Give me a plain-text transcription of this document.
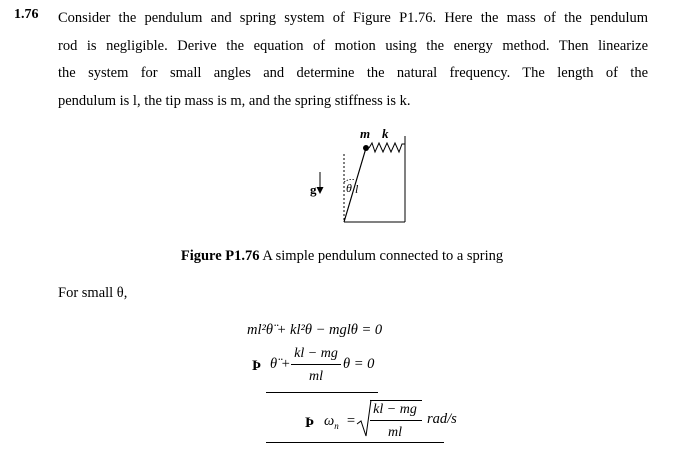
1.76 Consider the pendulum and spring system of Figure P1.76. Here the mass of the pendulum
rod is negligible. Derive the equation of motion using the energy method. Then linearize
the system for small angles and determine the natural frequency. The length of the
pendulum is l, the tip mass is m, and the spring stiffness is k.
m k
g θ l
Figure P1.76 A simple pendulum connected to a spring
For small θ,
ml²θ̈ + kl²θ − mglθ = 0
Þ θ̈ +
kl − mg
ml
θ = 0
Þ $\omega_n$ =
kl − mg
ml
rad/s
